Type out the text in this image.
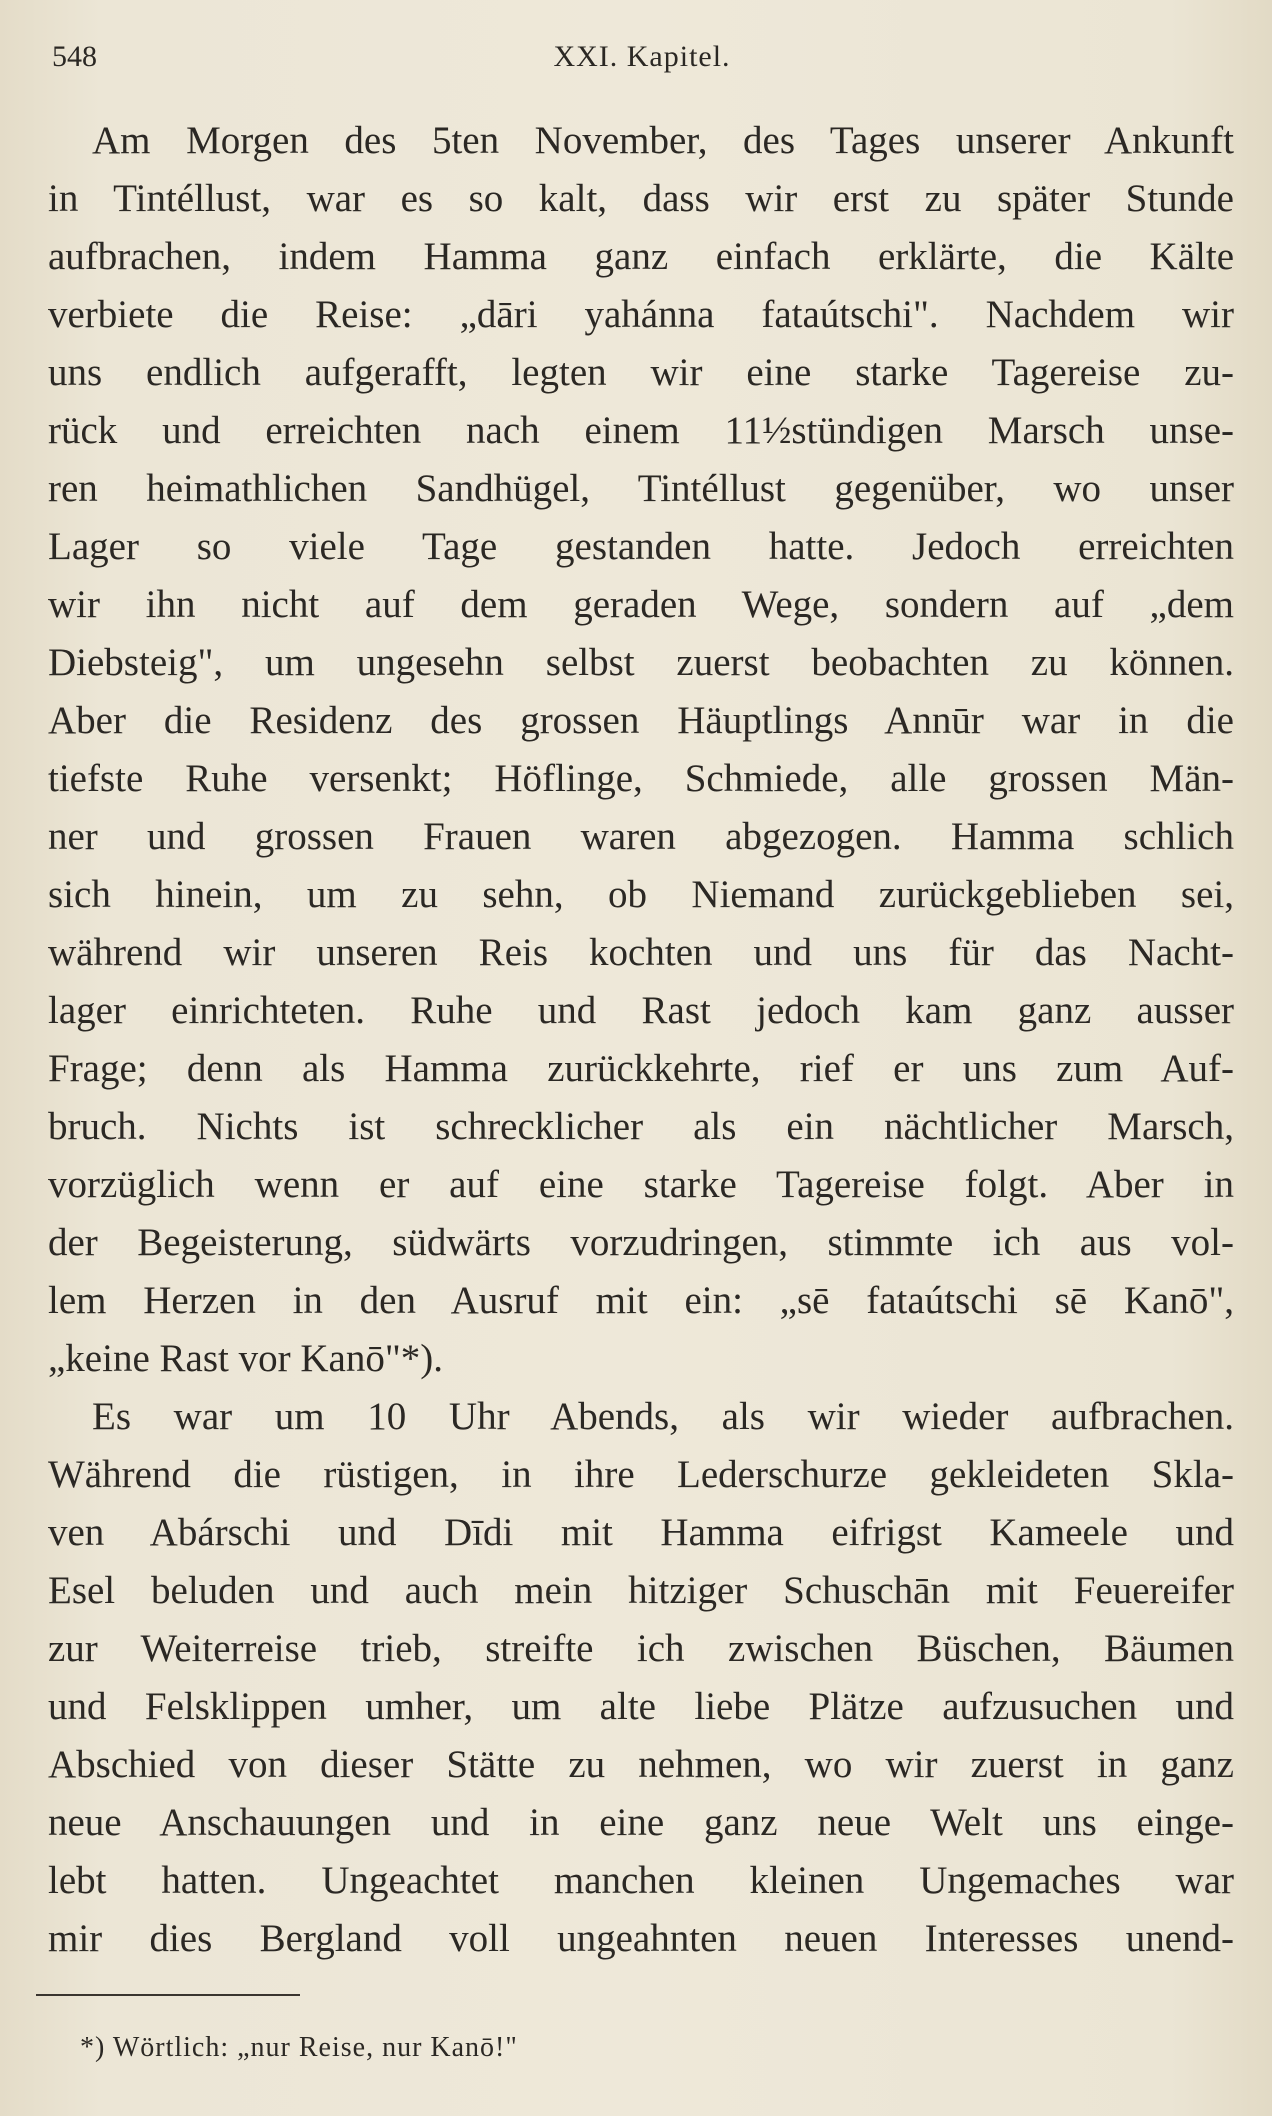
548	XXI. Kapitel.
Am Morgen des 5ten November, des Tages unserer Ankunft
in Tintéllust, war es so kalt, dass wir erst zu später Stunde
aufbrachen, indem Hamma ganz einfach erklärte, die Kälte
verbiete die Reise: „dāri yahánna fataútschi". Nachdem wir
uns endlich aufgerafft, legten wir eine starke Tagereise zu-
rück und erreichten nach einem 11½stündigen Marsch unse-
ren heimathlichen Sandhügel, Tintéllust gegenüber, wo unser
Lager so viele Tage gestanden hatte. Jedoch erreichten
wir ihn nicht auf dem geraden Wege, sondern auf „dem
Diebsteig", um ungesehn selbst zuerst beobachten zu können.
Aber die Residenz des grossen Häuptlings Annūr war in die
tiefste Ruhe versenkt; Höflinge, Schmiede, alle grossen Män-
ner und grossen Frauen waren abgezogen. Hamma schlich
sich hinein, um zu sehn, ob Niemand zurückgeblieben sei,
während wir unseren Reis kochten und uns für das Nacht-
lager einrichteten. Ruhe und Rast jedoch kam ganz ausser
Frage; denn als Hamma zurückkehrte, rief er uns zum Auf-
bruch. Nichts ist schrecklicher als ein nächtlicher Marsch,
vorzüglich wenn er auf eine starke Tagereise folgt. Aber in
der Begeisterung, südwärts vorzudringen, stimmte ich aus vol-
lem Herzen in den Ausruf mit ein: „sē fataútschi sē Kanō",
„keine Rast vor Kanō"*).
Es war um 10 Uhr Abends, als wir wieder aufbrachen.
Während die rüstigen, in ihre Lederschurze gekleideten Skla-
ven Abárschi und Dīdi mit Hamma eifrigst Kameele und
Esel beluden und auch mein hitziger Schuschān mit Feuereifer
zur Weiterreise trieb, streifte ich zwischen Büschen, Bäumen
und Felsklippen umher, um alte liebe Plätze aufzusuchen und
Abschied von dieser Stätte zu nehmen, wo wir zuerst in ganz
neue Anschauungen und in eine ganz neue Welt uns einge-
lebt hatten. Ungeachtet manchen kleinen Ungemaches war
mir dies Bergland voll ungeahnten neuen Interesses unend-
*) Wörtlich: „nur Reise, nur Kanō!"
